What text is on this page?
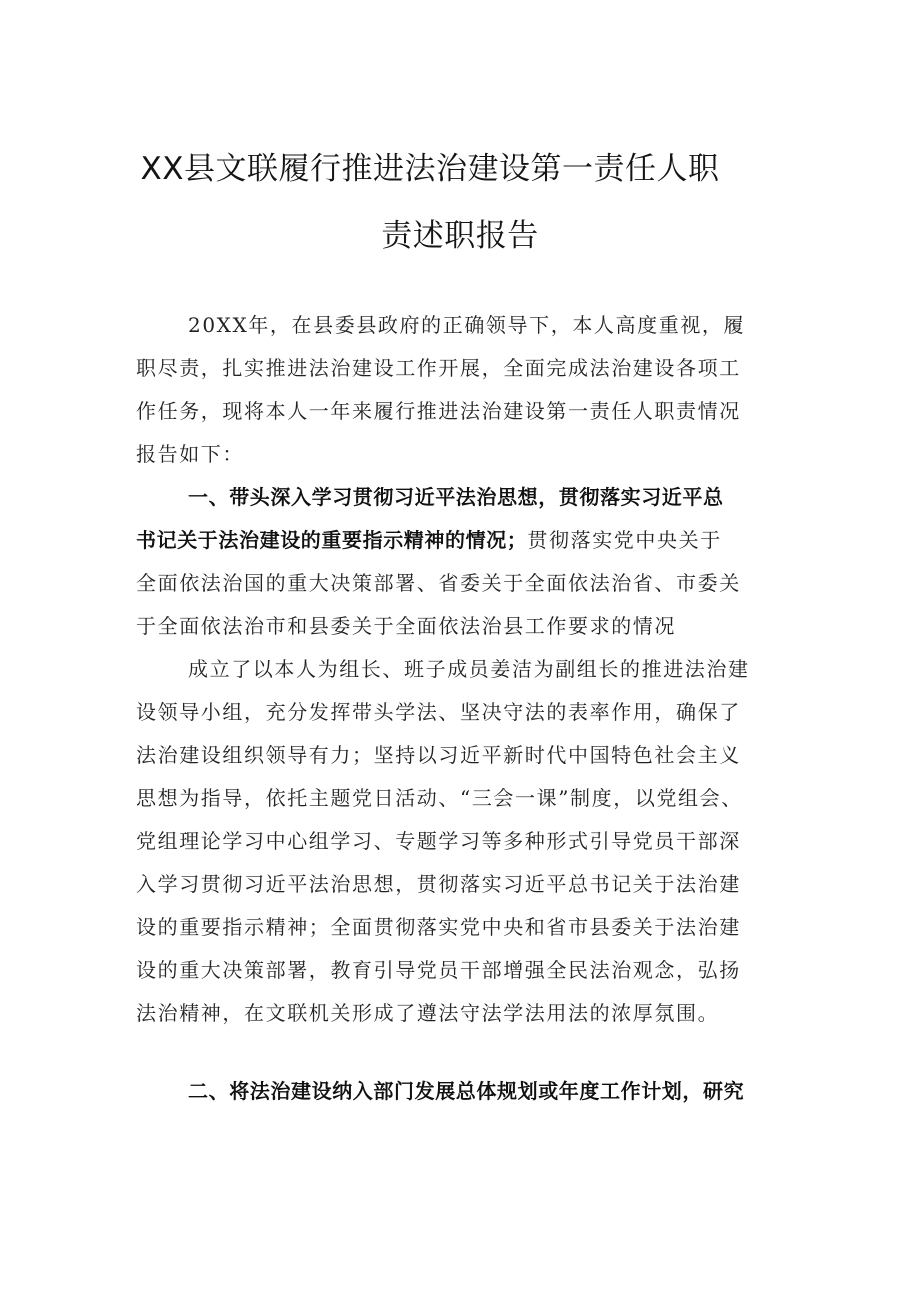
XX县文联履行推进法治建设第一责任人职
责述职报告
20XX年，在县委县政府的正确领导下，本人高度重视，履
职尽责，扎实推进法治建设工作开展，全面完成法治建设各项工
作任务，现将本人一年来履行推进法治建设第一责任人职责情况
报告如下：
一、带头深入学习贯彻习近平法治思想，贯彻落实习近平总
书记关于法治建设的重要指示精神的情况；贯彻落实党中央关于
全面依法治国的重大决策部署、省委关于全面依法治省、市委关
于全面依法治市和县委关于全面依法治县工作要求的情况
成立了以本人为组长、班子成员姜洁为副组长的推进法治建
设领导小组，充分发挥带头学法、坚决守法的表率作用，确保了
法治建设组织领导有力；坚持以习近平新时代中国特色社会主义
思想为指导，依托主题党日活动、“三会一课”制度，以党组会、
党组理论学习中心组学习、专题学习等多种形式引导党员干部深
入学习贯彻习近平法治思想，贯彻落实习近平总书记关于法治建
设的重要指示精神；全面贯彻落实党中央和省市县委关于法治建
设的重大决策部署，教育引导党员干部增强全民法治观念，弘扬
法治精神，在文联机关形成了遵法守法学法用法的浓厚氛围。
二、将法治建设纳入部门发展总体规划或年度工作计划，研究
